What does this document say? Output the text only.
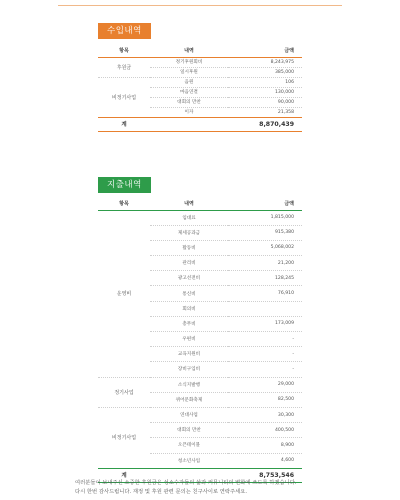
수입내역
항목	내역	금액
후원금	정기후원회비	8,243,975
	일시후원	385,000
비정기사업	음원	106
	마음연결	130,000
	대회의 만찬	90,000
	이자	21,358
계		8,870,439
지출내역
항목	내역	금액
운영비	임대료	1,815,000
	제세공과금	915,380
	활동비	5,068,002
	관리비	21,200
	광고선전비	128,245
	통신비	76,910
	회의비	
	총무비	173,009
	우편비	-
	교육지원비	-
	장비구입비	-
정기사업	소식지발행	29,000
	퀴어문화축제	82,500
비정기사업	연대사업	30,300
	대회의 만찬	400,500
	오픈테이블	8,900
	청소년사업	4,600
계		8,753,546
여러분들이 보내주신 소중한 후원금은 성소수자들의 삶과 커뮤니티의 변화에 쓰도록 하겠습니다.
다시 한번 감사드립니다. 재정 및 후원 관련 문의는 친구사이로 연락주세요.
